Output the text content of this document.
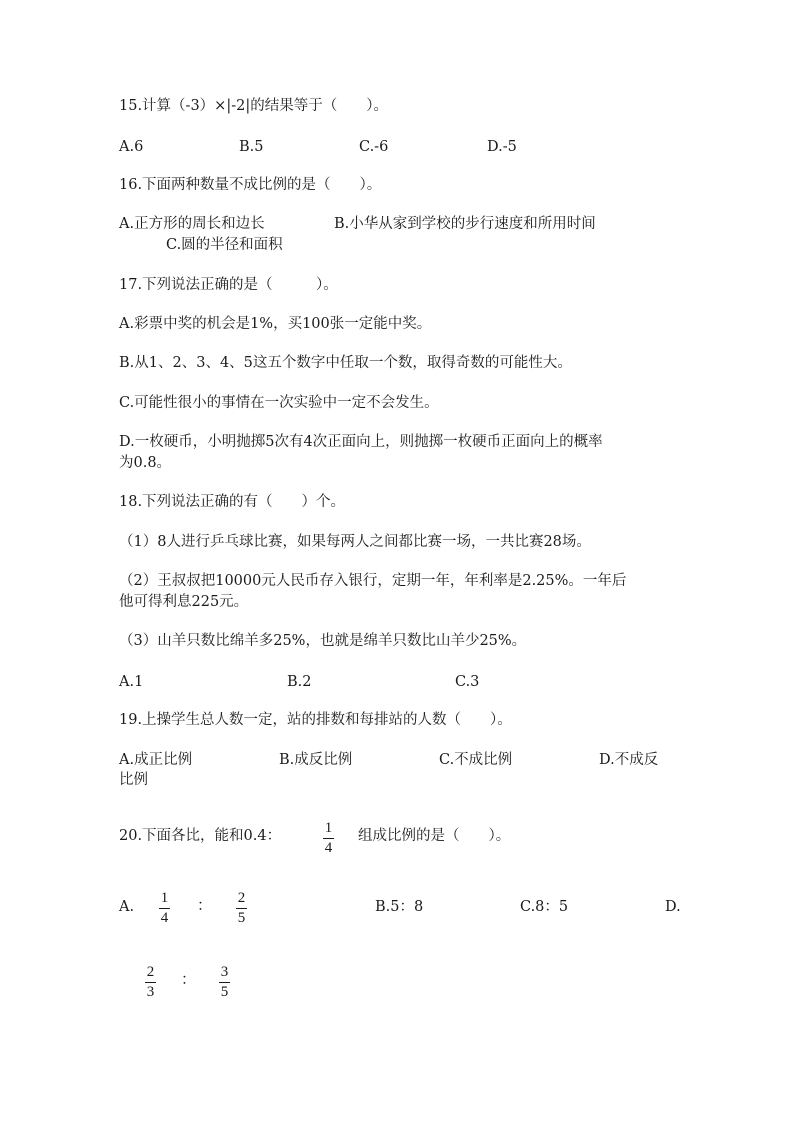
15.计算（-3）×|-2|的结果等于（　　）。
A.6	B.5	C.-6	D.-5
16.下面两种数量不成比例的是（　　）。
A.正方形的周长和边长	B.小华从家到学校的步行速度和所用时间
C.圆的半径和面积
17.下列说法正确的是（　　　）。
A.彩票中奖的机会是1%，买100张一定能中奖。
B.从1、2、3、4、5这五个数字中任取一个数，取得奇数的可能性大。
C.可能性很小的事情在一次实验中一定不会发生。
D.一枚硬币，小明抛掷5次有4次正面向上，则抛掷一枚硬币正面向上的概率
为0.8。
18.下列说法正确的有（　　）个。
（1）8人进行乒乓球比赛，如果每两人之间都比赛一场，一共比赛28场。
（2）王叔叔把10000元人民币存入银行，定期一年，年利率是2.25%。一年后
他可得利息225元。
（3）山羊只数比绵羊多25%，也就是绵羊只数比山羊少25%。
A.1	B.2	C.3
19.上操学生总人数一定，站的排数和每排站的人数（　　）。
A.成正比例	B.成反比例	C.不成比例	D.不成反
比例
20.下面各比，能和0.4：	1
4
组成比例的是（　　）。
A.
1
4
： 2
5
B.5：8	C.8：5	D.
2
3
： 3
5
